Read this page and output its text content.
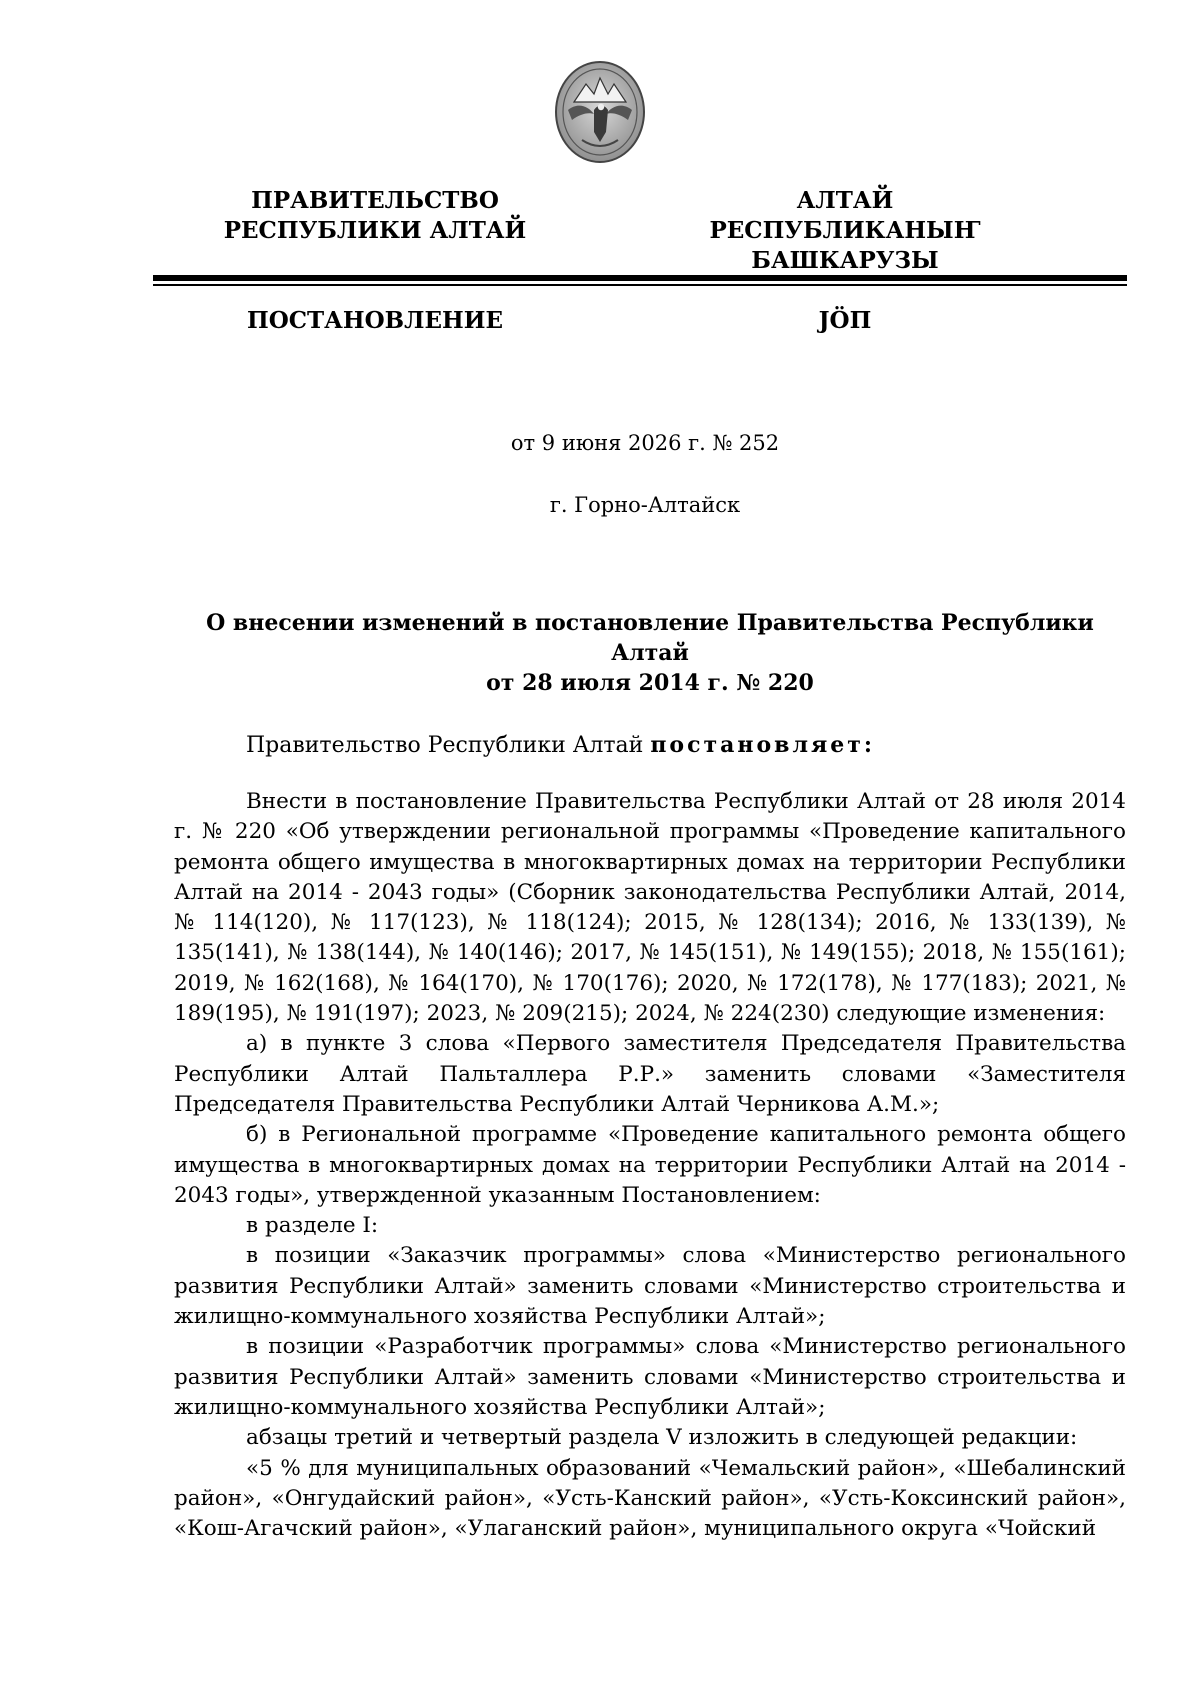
ПРАВИТЕЛЬСТВО
РЕСПУБЛИКИ АЛТАЙ
АЛТАЙ РЕСПУБЛИКАНЫҤ
БАШКАРУЗЫ
ПОСТАНОВЛЕНИЕ	JӦП
от 9 июня 2026 г. № 252
г. Горно-Алтайск
О внесении изменений в постановление Правительства Республики Алтай
от 28 июля 2014 г. № 220
Правительство Республики Алтай постановляет:

Внести в постановление Правительства Республики Алтай от 28 июля 2014 г. № 220 «Об утверждении региональной программы «Проведение капитального ремонта общего имущества в многоквартирных домах на территории Республики Алтай на 2014 - 2043 годы» (Сборник законодательства Республики Алтай, 2014, № 114(120), № 117(123), № 118(124); 2015, № 128(134); 2016, № 133(139), № 135(141), № 138(144), № 140(146); 2017, № 145(151), № 149(155); 2018, № 155(161); 2019, № 162(168), № 164(170), № 170(176); 2020, № 172(178), № 177(183); 2021, № 189(195), № 191(197); 2023, № 209(215); 2024, № 224(230) следующие изменения:

а) в пункте 3 слова «Первого заместителя Председателя Правительства Республики Алтай Пальталлера Р.Р.» заменить словами «Заместителя Председателя Правительства Республики Алтай Черникова А.М.»;

б) в Региональной программе «Проведение капитального ремонта общего имущества в многоквартирных домах на территории Республики Алтай на 2014 - 2043 годы», утвержденной указанным Постановлением:

в разделе I:

в позиции «Заказчик программы» слова «Министерство регионального развития Республики Алтай» заменить словами «Министерство строительства и жилищно-коммунального хозяйства Республики Алтай»;

в позиции «Разработчик программы» слова «Министерство регионального развития Республики Алтай» заменить словами «Министерство строительства и жилищно-коммунального хозяйства Республики Алтай»;

абзацы третий и четвертый раздела V изложить в следующей редакции:

«5 % для муниципальных образований «Чемальский район», «Шебалинский район», «Онгудайский район», «Усть-Канский район», «Усть-Коксинский район», «Кош-Агачский район», «Улаганский район», муниципального округа «Чойский
